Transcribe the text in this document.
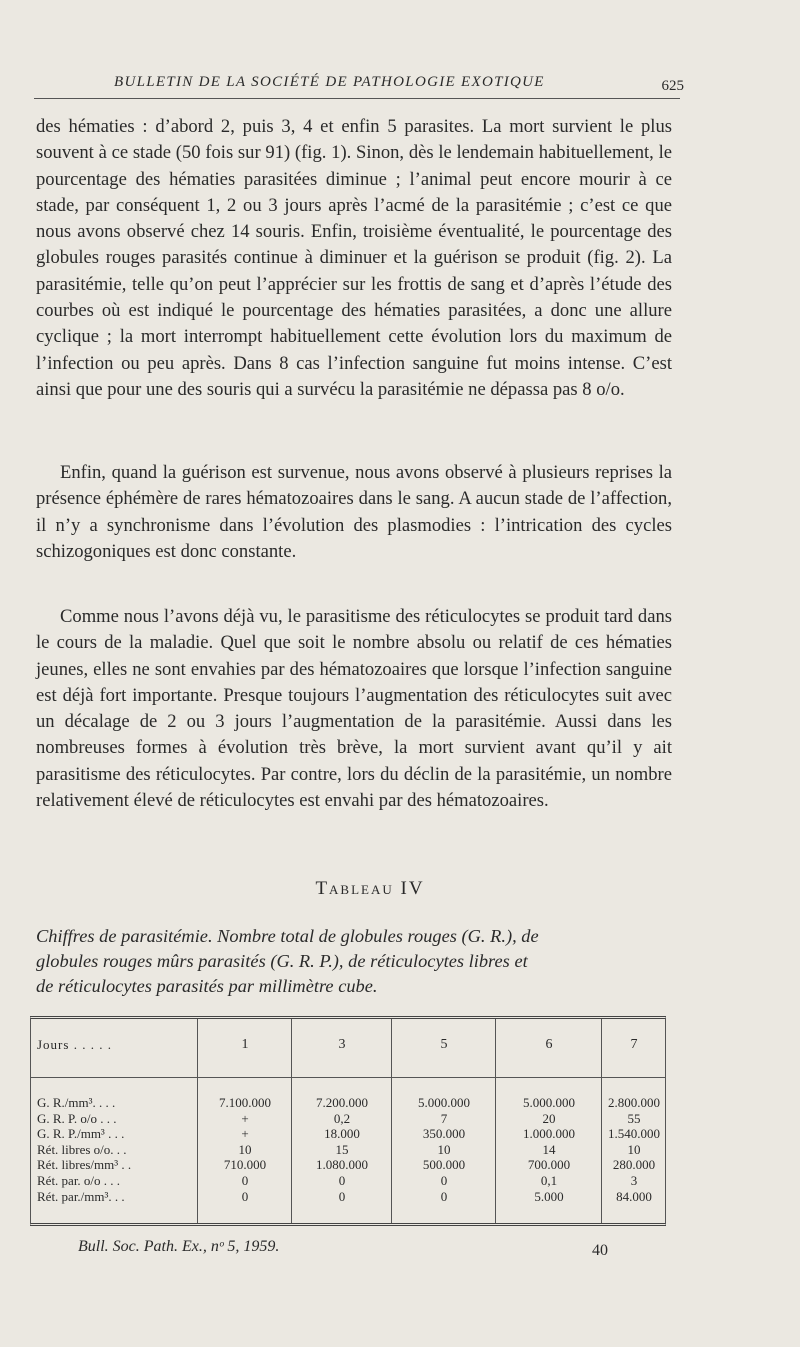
BULLETIN DE LA SOCIÉTÉ DE PATHOLOGIE EXOTIQUE	625

des hématies : d’abord 2, puis 3, 4 et enfin 5 parasites. La mort survient le plus souvent à ce stade (50 fois sur 91) (fig. 1). Sinon, dès le lendemain habituellement, le pourcentage des hématies parasitées diminue ; l’animal peut encore mourir à ce stade, par conséquent 1, 2 ou 3 jours après l’acmé de la parasitémie ; c’est ce que nous avons observé chez 14 souris. Enfin, troisième éventualité, le pourcentage des globules rouges parasités continue à diminuer et la guérison se produit (fig. 2). La parasitémie, telle qu’on peut l’apprécier sur les frottis de sang et d’après l’étude des courbes où est indiqué le pourcentage des hématies parasitées, a donc une allure cyclique ; la mort interrompt habituellement cette évolution lors du maximum de l’infection ou peu après. Dans 8 cas l’infection sanguine fut moins intense. C’est ainsi que pour une des souris qui a survécu la parasitémie ne dépassa pas 8 o/o.

Enfin, quand la guérison est survenue, nous avons observé à plusieurs reprises la présence éphémère de rares hématozoaires dans le sang. A aucun stade de l’affection, il n’y a synchronisme dans l’évolution des plasmodies : l’intrication des cycles schizogoniques est donc constante.

Comme nous l’avons déjà vu, le parasitisme des réticulocytes se produit tard dans le cours de la maladie. Quel que soit le nombre absolu ou relatif de ces hématies jeunes, elles ne sont envahies par des hématozoaires que lorsque l’infection sanguine est déjà fort importante. Presque toujours l’augmentation des réticulocytes suit avec un décalage de 2 ou 3 jours l’augmentation de la parasitémie. Aussi dans les nombreuses formes à évolution très brève, la mort survient avant qu’il y ait parasitisme des réticulocytes. Par contre, lors du déclin de la parasitémie, un nombre relativement élevé de réticulocytes est envahi par des hématozoaires.

Tableau IV
Chiffres de parasitémie. Nombre total de globules rouges (G. R.), de
globules rouges mûrs parasités (G. R. P.), de réticulocytes libres et
de réticulocytes parasités par millimètre cube.
Jours . . . . .
G. R./mm³. . . .
G. R. P. o/o . . .
G. R. P./mm³ . . .
Rét. libres o/o. . .
Rét. libres/mm³ . .
Rét. par. o/o . . .
Rét. par./mm³. . .
1
7.100.000
+
+
10
710.000
0
0
3
7.200.000
0,2
18.000
15
1.080.000
0
0
5
5.000.000
7
350.000
10
500.000
0
0
6
5.000.000
20
1.000.000
14
700.000
0,1
5.000
7
2.800.000
55
1.540.000
10
280.000
3
84.000
Bull. Soc. Path. Ex., nᵒ 5, 1959.	40
